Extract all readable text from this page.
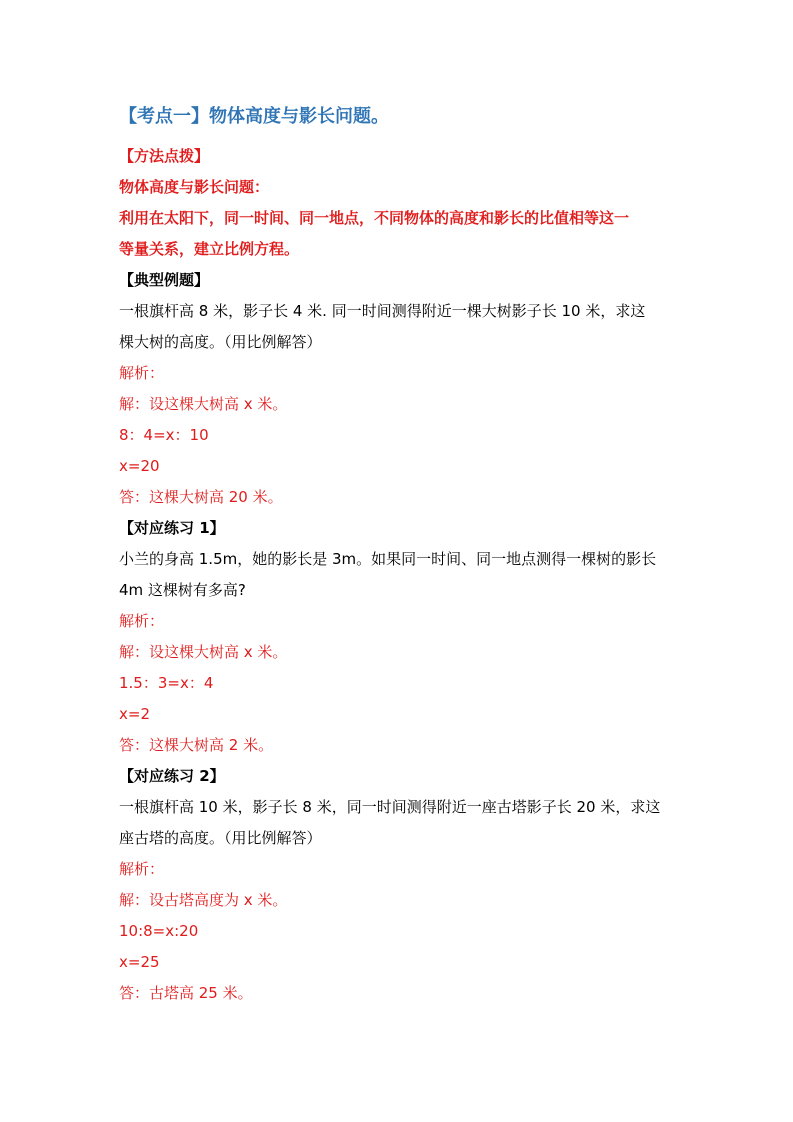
【考点一】物体高度与影长问题。
【方法点拨】
物体高度与影长问题：
利用在太阳下，同一时间、同一地点，不同物体的高度和影长的比值相等这一
等量关系，建立比例方程。
【典型例题】
一根旗杆高 8 米，影子长 4 米. 同一时间测得附近一棵大树影子长 10 米，求这
棵大树的高度。（用比例解答）
解析：
解：设这棵大树高 x 米。
8：4=x：10
x=20
答：这棵大树高 20 米。
【对应练习 1】
小兰的身高 1.5m，她的影长是 3m。如果同一时间、同一地点测得一棵树的影长
4m 这棵树有多高?
解析：
解：设这棵大树高 x 米。
1.5：3=x：4
x=2
答：这棵大树高 2 米。
【对应练习 2】
一根旗杆高 10 米，影子长 8 米，同一时间测得附近一座古塔影子长 20 米，求这
座古塔的高度。（用比例解答）
解析：
解：设古塔高度为 x 米。
10:8=x:20
x=25
答：古塔高 25 米。
